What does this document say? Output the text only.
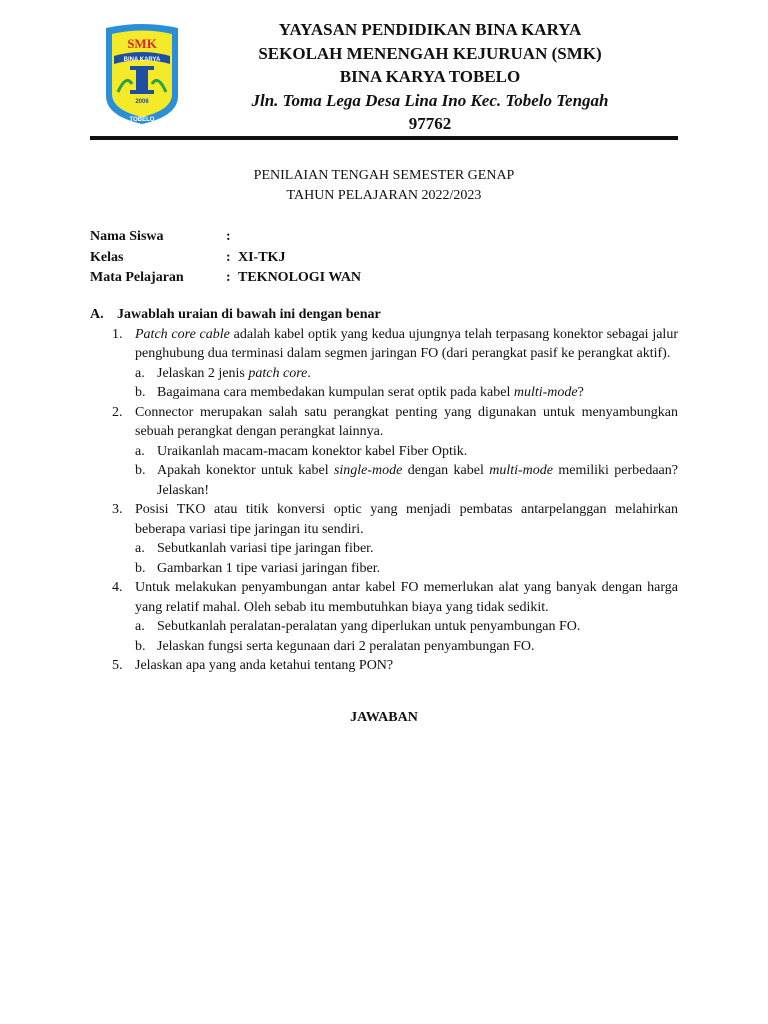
SMK
BINA KARYA
2006
TOBELO
YAYASAN PENDIDIKAN BINA KARYA
SEKOLAH MENENGAH KEJURUAN (SMK)
BINA KARYA TOBELO
Jln. Toma Lega Desa Lina Ino Kec. Tobelo Tengah
97762
PENILAIAN TENGAH SEMESTER GENAP
TAHUN PELAJARAN 2022/2023
Nama Siswa	:
Kelas	: XI-TKJ
Mata Pelajaran	: TEKNOLOGI WAN
A. Jawablah uraian di bawah ini dengan benar
1. Patch core cable adalah kabel optik yang kedua ujungnya telah terpasang konektor sebagai jalur penghubung dua terminasi dalam segmen jaringan FO (dari perangkat pasif ke perangkat aktif).
a. Jelaskan 2 jenis patch core.
b. Bagaimana cara membedakan kumpulan serat optik pada kabel multi-mode?
2. Connector merupakan salah satu perangkat penting yang digunakan untuk menyambungkan sebuah perangkat dengan perangkat lainnya.
a. Uraikanlah macam-macam konektor kabel Fiber Optik.
b. Apakah konektor untuk kabel single-mode dengan kabel multi-mode memiliki perbedaan? Jelaskan!
3. Posisi TKO atau titik konversi optic yang menjadi pembatas antarpelanggan melahirkan beberapa variasi tipe jaringan itu sendiri.
a. Sebutkanlah variasi tipe jaringan fiber.
b. Gambarkan 1 tipe variasi jaringan fiber.
4. Untuk melakukan penyambungan antar kabel FO memerlukan alat yang banyak dengan harga yang relatif mahal. Oleh sebab itu membutuhkan biaya yang tidak sedikit.
a. Sebutkanlah peralatan-peralatan yang diperlukan untuk penyambungan FO.
b. Jelaskan fungsi serta kegunaan dari 2 peralatan penyambungan FO.
5. Jelaskan apa yang anda ketahui tentang PON?
JAWABAN
